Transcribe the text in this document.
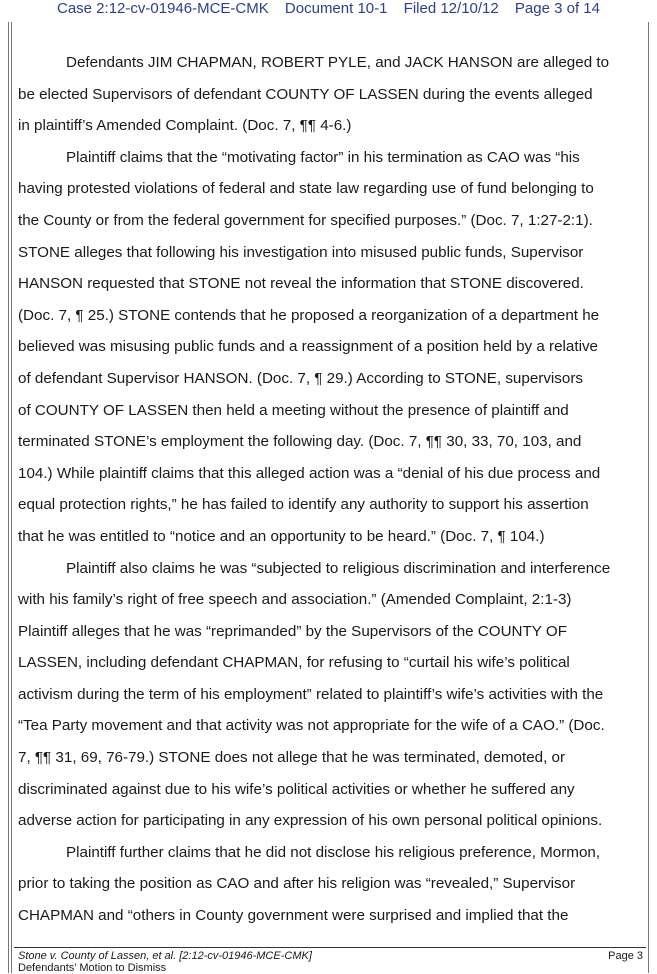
Case 2:12-cv-01946-MCE-CMK Document 10-1 Filed 12/10/12 Page 3 of 14

Defendants JIM CHAPMAN, ROBERT PYLE, and JACK HANSON are alleged to
be elected Supervisors of defendant COUNTY OF LASSEN during the events alleged
in plaintiff’s Amended Complaint. (Doc. 7, ¶¶ 4-6.)

Plaintiff claims that the “motivating factor” in his termination as CAO was “his
having protested violations of federal and state law regarding use of fund belonging to
the County or from the federal government for specified purposes.” (Doc. 7, 1:27-2:1).
STONE alleges that following his investigation into misused public funds, Supervisor
HANSON requested that STONE not reveal the information that STONE discovered.
(Doc. 7, ¶ 25.) STONE contends that he proposed a reorganization of a department he
believed was misusing public funds and a reassignment of a position held by a relative
of defendant Supervisor HANSON. (Doc. 7, ¶ 29.) According to STONE, supervisors
of COUNTY OF LASSEN then held a meeting without the presence of plaintiff and
terminated STONE’s employment the following day. (Doc. 7, ¶¶ 30, 33, 70, 103, and
104.) While plaintiff claims that this alleged action was a “denial of his due process and
equal protection rights,” he has failed to identify any authority to support his assertion
that he was entitled to “notice and an opportunity to be heard.” (Doc. 7, ¶ 104.)

Plaintiff also claims he was “subjected to religious discrimination and interference
with his family’s right of free speech and association.” (Amended Complaint, 2:1-3)
Plaintiff alleges that he was “reprimanded” by the Supervisors of the COUNTY OF
LASSEN, including defendant CHAPMAN, for refusing to “curtail his wife’s political
activism during the term of his employment” related to plaintiff’s wife’s activities with the
“Tea Party movement and that activity was not appropriate for the wife of a CAO.” (Doc.
7, ¶¶ 31, 69, 76-79.) STONE does not allege that he was terminated, demoted, or
discriminated against due to his wife’s political activities or whether he suffered any
adverse action for participating in any expression of his own personal political opinions.

Plaintiff further claims that he did not disclose his religious preference, Mormon,
prior to taking the position as CAO and after his religion was “revealed,” Supervisor
CHAPMAN and “others in County government were surprised and implied that the

Stone v. County of Lassen, et al. [2:12-cv-01946-MCE-CMK]
Defendants’ Motion to Dismiss
Page 3
